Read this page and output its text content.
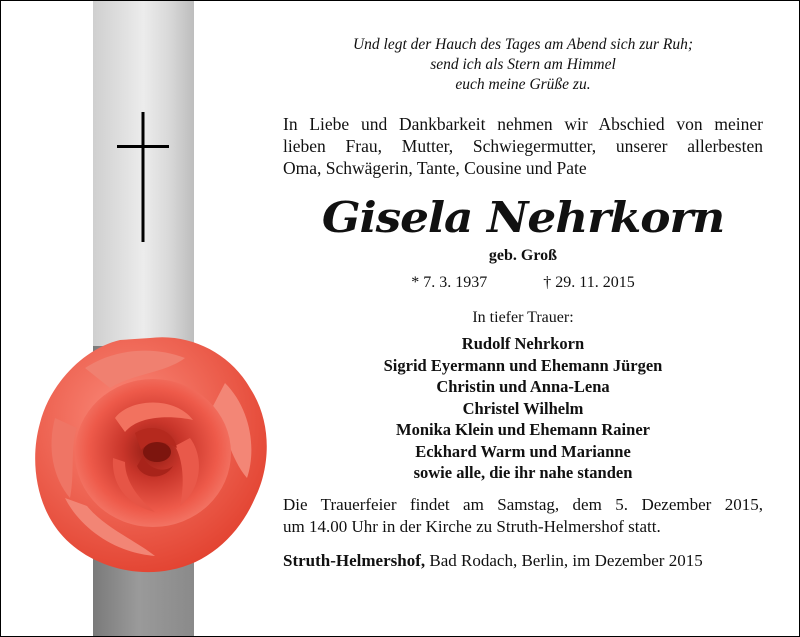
Und legt der Hauch des Tages am Abend sich zur Ruh;
send ich als Stern am Himmel
euch meine Grüße zu.
In Liebe und Dankbarkeit nehmen wir Abschied von meiner
lieben Frau, Mutter, Schwiegermutter, unserer allerbesten
Oma, Schwägerin, Tante, Cousine und Pate
Gisela Nehrkorn
geb. Groß
* 7. 3. 1937	† 29. 11. 2015
In tiefer Trauer:
Rudolf Nehrkorn
Sigrid Eyermann und Ehemann Jürgen
Christin und Anna-Lena
Christel Wilhelm
Monika Klein und Ehemann Rainer
Eckhard Warm und Marianne
sowie alle, die ihr nahe standen
Die Trauerfeier findet am Samstag, dem 5. Dezember 2015,
um 14.00 Uhr in der Kirche zu Struth-Helmershof statt.
Struth-Helmershof, Bad Rodach, Berlin, im Dezember 2015
